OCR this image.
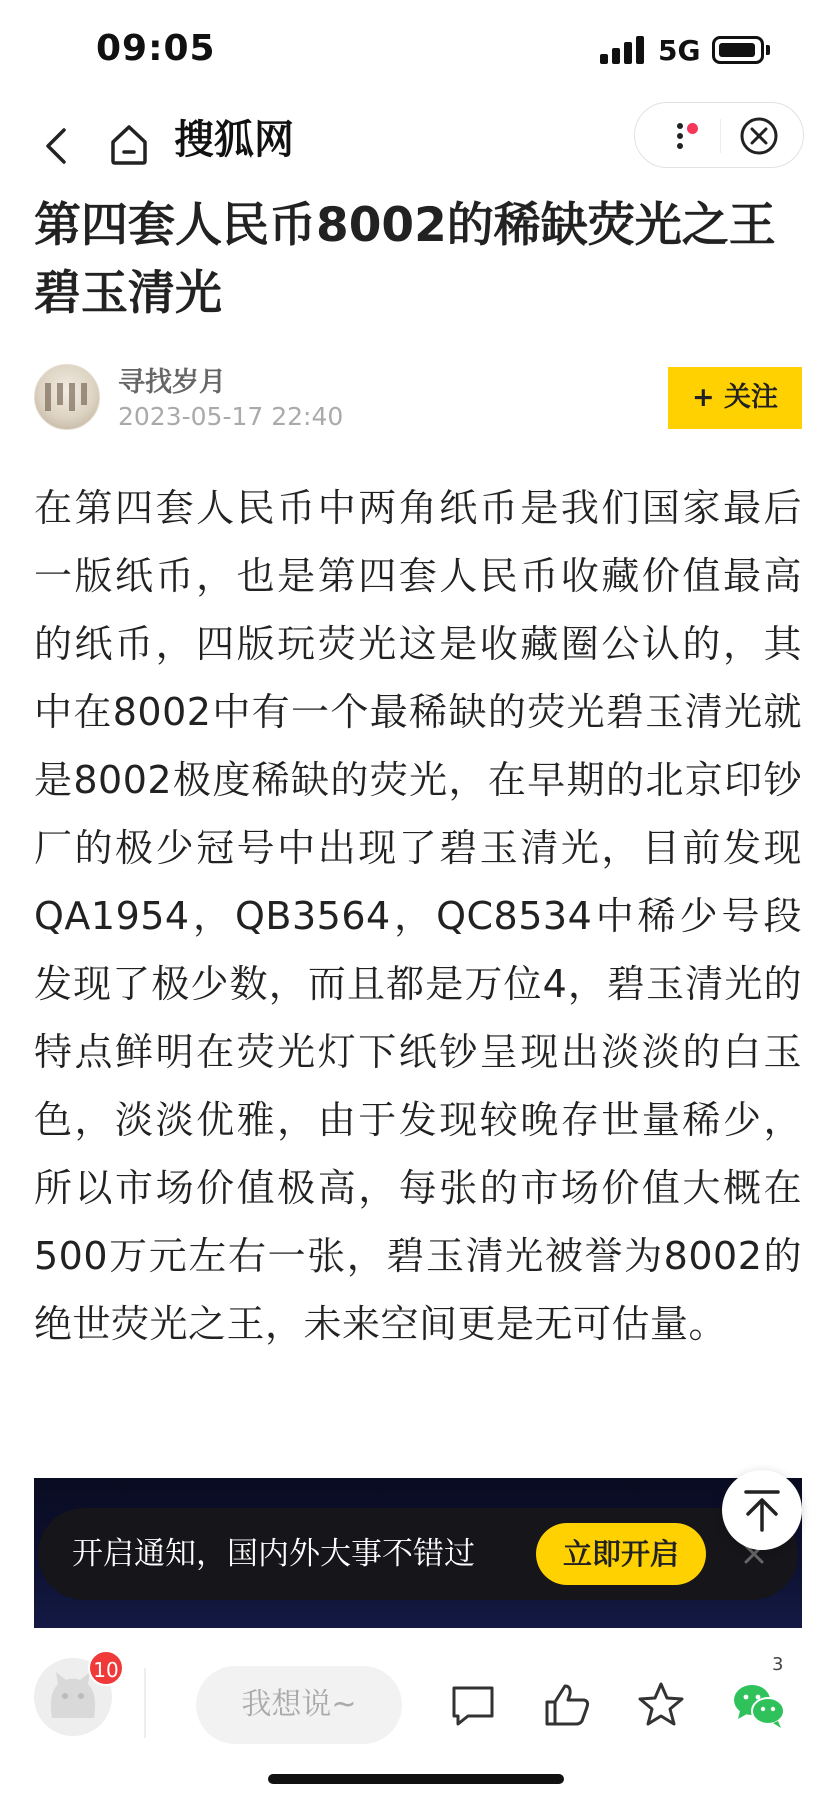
09:05	5G
搜狐网
第四套人民币8002的稀缺荧光之王碧玉清光
寻找岁月
2023-05-17 22:40
+ 关注

在第四套人民币中两角纸币是我们国家最后一版纸币，也是第四套人民币收藏价值最高的纸币，四版玩荧光这是收藏圈公认的，其中在8002中有一个最稀缺的荧光碧玉清光就是8002极度稀缺的荧光，在早期的北京印钞厂的极少冠号中出现了碧玉清光，目前发现QA1954，QB3564，QC8534中稀少号段发现了极少数，而且都是万位4，碧玉清光的特点鲜明在荧光灯下纸钞呈现出淡淡的白玉色，淡淡优雅，由于发现较晚存世量稀少，所以市场价值极高，每张的市场价值大概在500万元左右一张，碧玉清光被誉为8002的绝世荧光之王，未来空间更是无可估量。

开启通知，国内外大事不错过	立即开启
10
我想说~
3
